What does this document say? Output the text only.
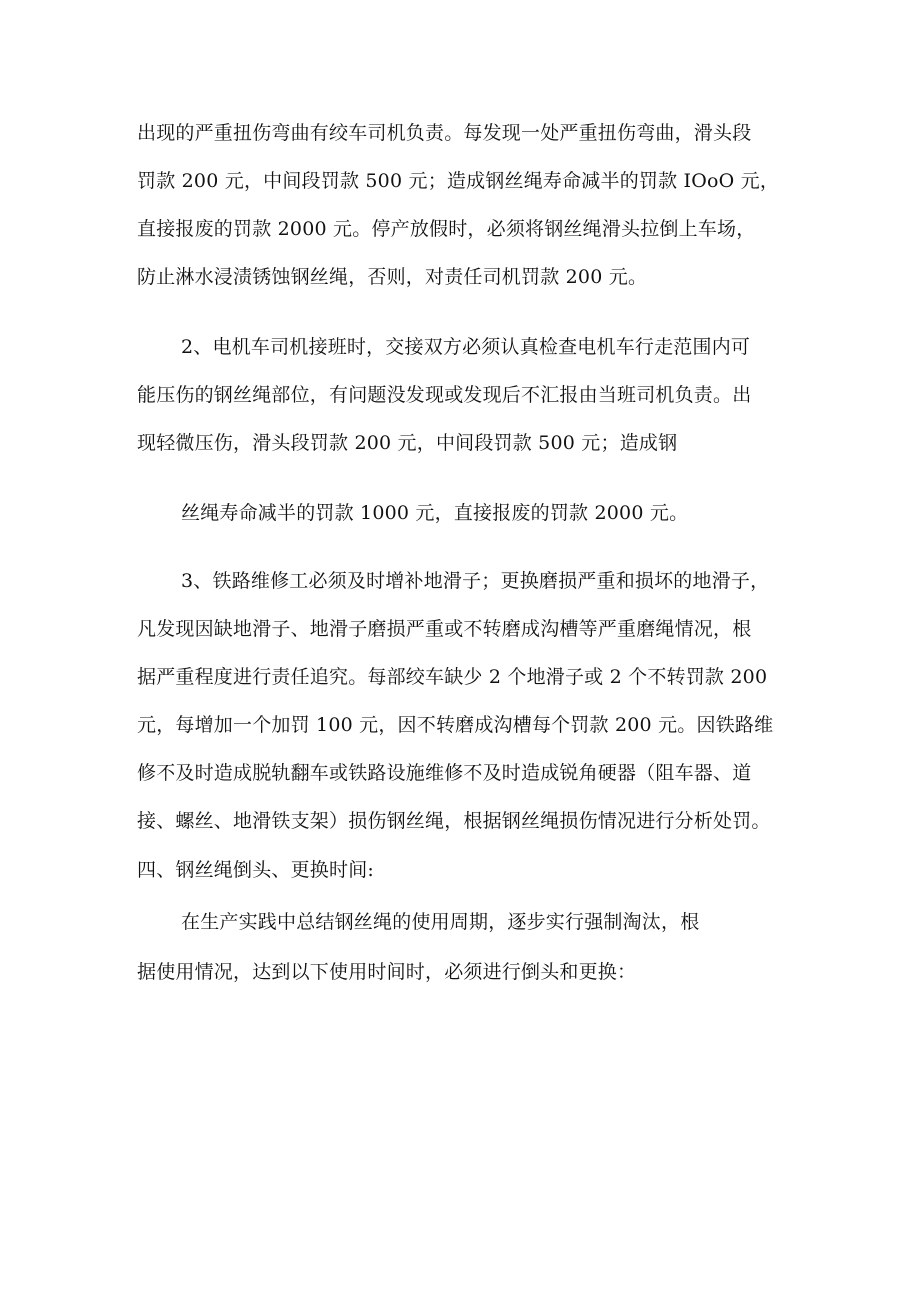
出现的严重扭伤弯曲有绞车司机负责。每发现一处严重扭伤弯曲，滑头段
罚款 200 元，中间段罚款 500 元；造成钢丝绳寿命减半的罚款 IOoO 元，
直接报废的罚款 2000 元。停产放假时，必须将钢丝绳滑头拉倒上车场，
防止淋水浸渍锈蚀钢丝绳，否则，对责任司机罚款 200 元。
2、电机车司机接班时，交接双方必须认真检查电机车行走范围内可
能压伤的钢丝绳部位，有问题没发现或发现后不汇报由当班司机负责。出
现轻微压伤，滑头段罚款 200 元，中间段罚款 500 元；造成钢
丝绳寿命减半的罚款 1000 元，直接报废的罚款 2000 元。
3、铁路维修工必须及时增补地滑子；更换磨损严重和损坏的地滑子，
凡发现因缺地滑子、地滑子磨损严重或不转磨成沟槽等严重磨绳情况，根
据严重程度进行责任追究。每部绞车缺少 2 个地滑子或 2 个不转罚款 200
元，每增加一个加罚 100 元，因不转磨成沟槽每个罚款 200 元。因铁路维
修不及时造成脱轨翻车或铁路设施维修不及时造成锐角硬器（阻车器、道
接、螺丝、地滑铁支架）损伤钢丝绳，根据钢丝绳损伤情况进行分析处罚。
四、钢丝绳倒头、更换时间:
在生产实践中总结钢丝绳的使用周期，逐步实行强制淘汰，根
据使用情况，达到以下使用时间时，必须进行倒头和更换：
